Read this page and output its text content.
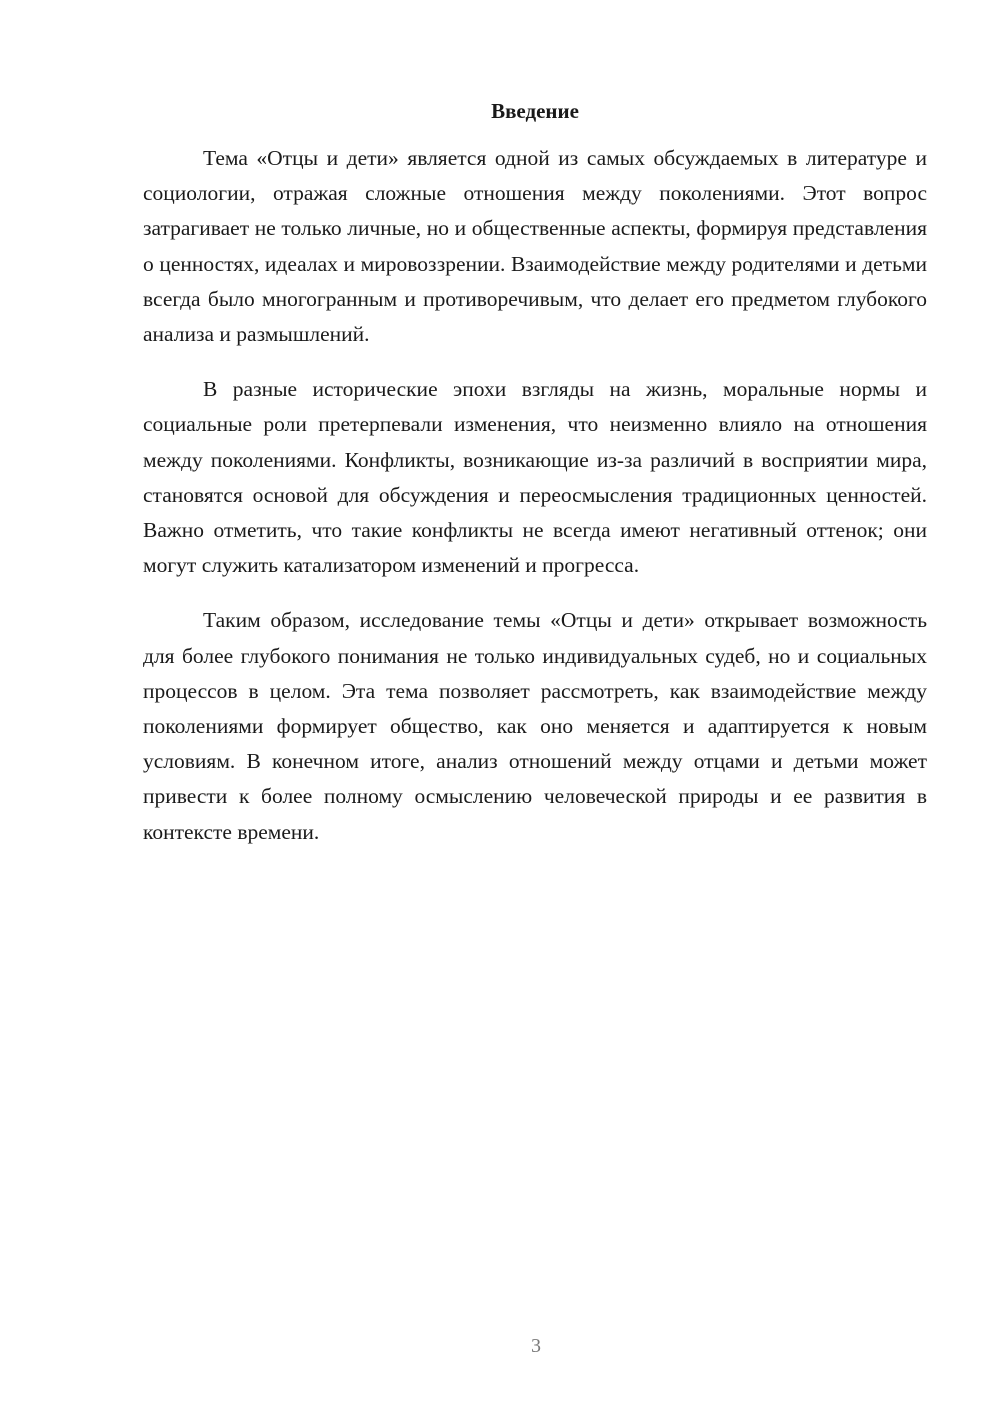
Введение

Тема «Отцы и дети» является одной из самых обсуждаемых в литературе и социологии, отражая сложные отношения между поколениями. Этот вопрос затрагивает не только личные, но и общественные аспекты, формируя представления о ценностях, идеалах и мировоззрении. Взаимодействие между родителями и детьми всегда было многогранным и противоречивым, что делает его предметом глубокого анализа и размышлений.

В разные исторические эпохи взгляды на жизнь, моральные нормы и социальные роли претерпевали изменения, что неизменно влияло на отношения между поколениями. Конфликты, возникающие из-за различий в восприятии мира, становятся основой для обсуждения и переосмысления традиционных ценностей. Важно отметить, что такие конфликты не всегда имеют негативный оттенок; они могут служить катализатором изменений и прогресса.

Таким образом, исследование темы «Отцы и дети» открывает возможность для более глубокого понимания не только индивидуальных судеб, но и социальных процессов в целом. Эта тема позволяет рассмотреть, как взаимодействие между поколениями формирует общество, как оно меняется и адаптируется к новым условиям. В конечном итоге, анализ отношений между отцами и детьми может привести к более полному осмыслению человеческой природы и ее развития в контексте времени.

3
